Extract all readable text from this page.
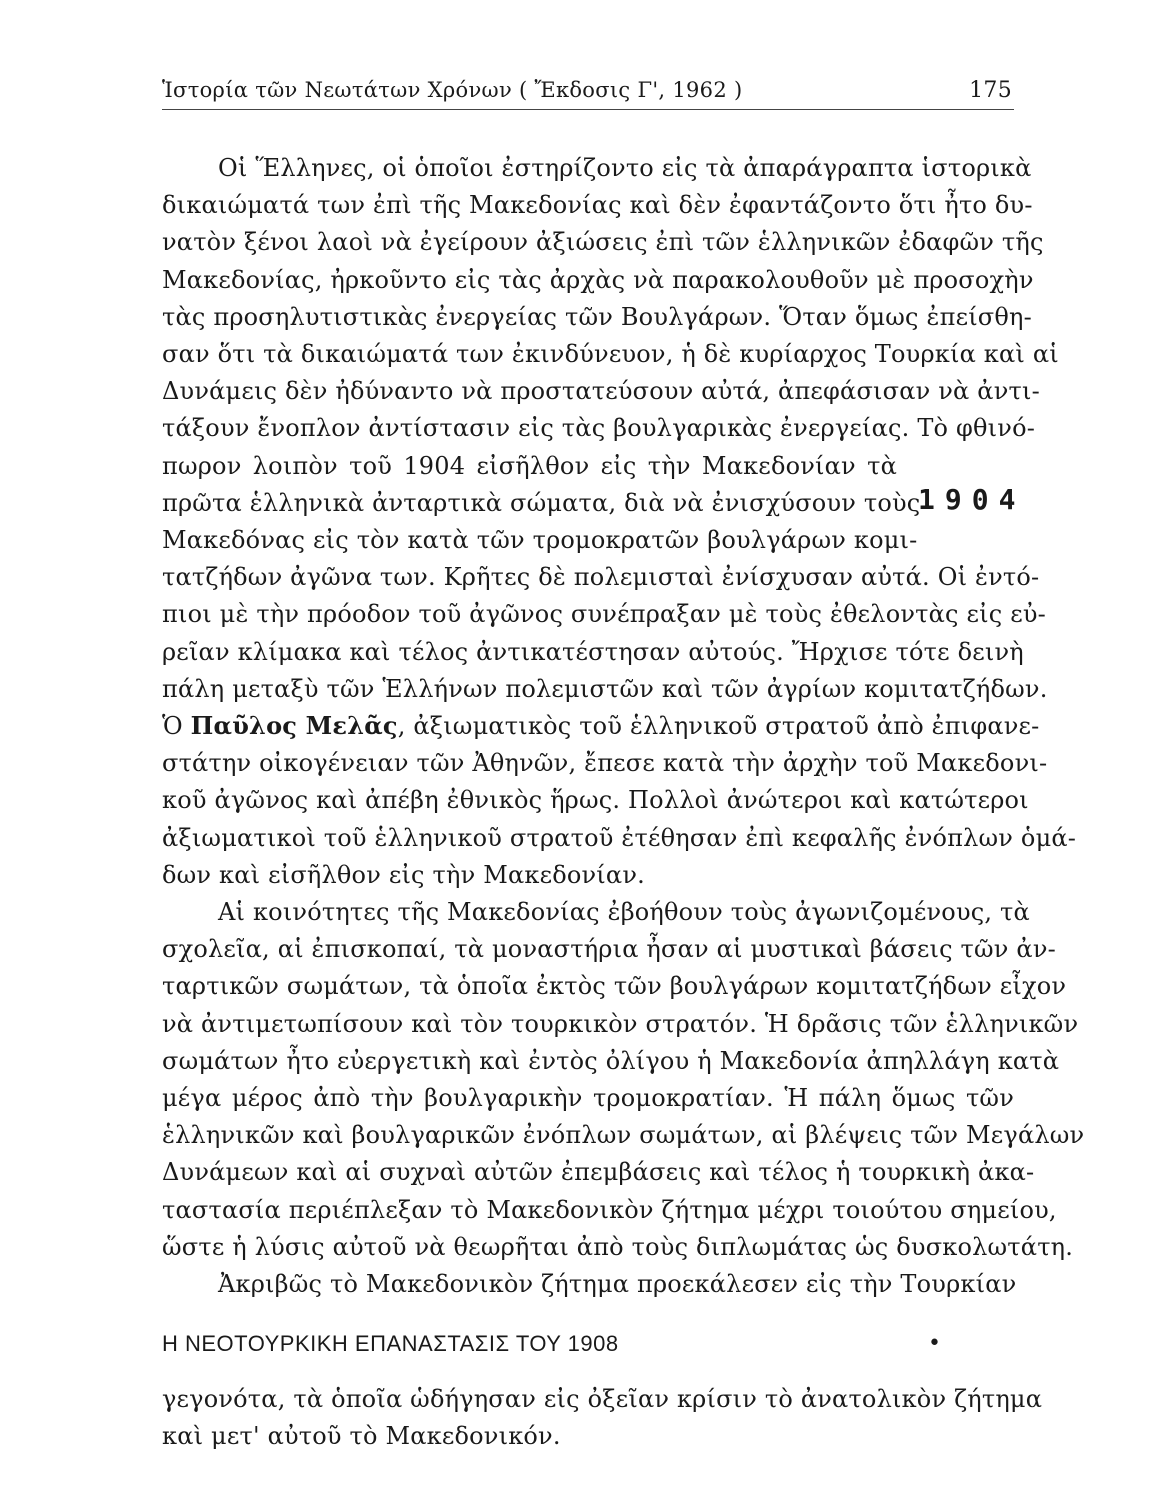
Ἱστορία τῶν Νεωτάτων Χρόνων ( Ἔκδοσις Γ', 1962 )	175
Οἱ Ἕλληνες, οἱ ὁποῖοι ἐστηρίζοντο εἰς τὰ ἀπαράγραπτα ἱστορικὰ
δικαιώματά των ἐπὶ τῆς Μακεδονίας καὶ δὲν ἐφαντάζοντο ὅτι ἦτο δυ-
νατὸν ξένοι λαοὶ νὰ ἐγείρουν ἀξιώσεις ἐπὶ τῶν ἑλληνικῶν ἐδαφῶν τῆς
Μακεδονίας, ἠρκοῦντο εἰς τὰς ἀρχὰς νὰ παρακολουθοῦν μὲ προσοχὴν
τὰς προσηλυτιστικὰς ἐνεργείας τῶν Βουλγάρων. Ὅταν ὅμως ἐπείσθη-
σαν ὅτι τὰ δικαιώματά των ἐκινδύνευον, ἡ δὲ κυρίαρχος Τουρκία καὶ αἱ
Δυνάμεις δὲν ἠδύναντο νὰ προστατεύσουν αὐτά, ἀπεφάσισαν νὰ ἀντι-
τάξουν ἔνοπλον ἀντίστασιν εἰς τὰς βουλγαρικὰς ἐνεργείας. Τὸ φθινό-
πωρον λοιπὸν τοῦ 1904 εἰσῆλθον εἰς τὴν Μακεδονίαν τὰ
πρῶτα ἑλληνικὰ ἀνταρτικὰ σώματα, διὰ νὰ ἐνισχύσουν τοὺς
1904
Μακεδόνας εἰς τὸν κατὰ τῶν τρομοκρατῶν βουλγάρων κομι-
τατζήδων ἀγῶνα των. Κρῆτες δὲ πολεμισταὶ ἐνίσχυσαν αὐτά. Οἱ ἐντό-
πιοι μὲ τὴν πρόοδον τοῦ ἀγῶνος συνέπραξαν μὲ τοὺς ἐθελοντὰς εἰς εὐ-
ρεῖαν κλίμακα καὶ τέλος ἀντικατέστησαν αὐτούς. Ἤρχισε τότε δεινὴ
πάλη μεταξὺ τῶν Ἑλλήνων πολεμιστῶν καὶ τῶν ἀγρίων κομιτατζήδων.
Ὁ Παῦλος Μελᾶς, ἀξιωματικὸς τοῦ ἑλληνικοῦ στρατοῦ ἀπὸ ἐπιφανε-
στάτην οἰκογένειαν τῶν Ἀθηνῶν, ἔπεσε κατὰ τὴν ἀρχὴν τοῦ Μακεδονι-
κοῦ ἀγῶνος καὶ ἀπέβη ἐθνικὸς ἥρως. Πολλοὶ ἀνώτεροι καὶ κατώτεροι
ἀξιωματικοὶ τοῦ ἑλληνικοῦ στρατοῦ ἐτέθησαν ἐπὶ κεφαλῆς ἐνόπλων ὁμά-
δων καὶ εἰσῆλθον εἰς τὴν Μακεδονίαν.
Αἱ κοινότητες τῆς Μακεδονίας ἐβοήθουν τοὺς ἀγωνιζομένους, τὰ
σχολεῖα, αἱ ἐπισκοπαί, τὰ μοναστήρια ἦσαν αἱ μυστικαὶ βάσεις τῶν ἀν-
ταρτικῶν σωμάτων, τὰ ὁποῖα ἐκτὸς τῶν βουλγάρων κομιτατζήδων εἶχον
νὰ ἀντιμετωπίσουν καὶ τὸν τουρκικὸν στρατόν. Ἡ δρᾶσις τῶν ἑλληνικῶν
σωμάτων ἦτο εὐεργετικὴ καὶ ἐντὸς ὀλίγου ἡ Μακεδονία ἀπηλλάγη κατὰ
μέγα μέρος ἀπὸ τὴν βουλγαρικὴν τρομοκρατίαν. Ἡ πάλη ὅμως τῶν
ἑλληνικῶν καὶ βουλγαρικῶν ἐνόπλων σωμάτων, αἱ βλέψεις τῶν Μεγάλων
Δυνάμεων καὶ αἱ συχναὶ αὐτῶν ἐπεμβάσεις καὶ τέλος ἡ τουρκικὴ ἀκα-
ταστασία περιέπλεξαν τὸ Μακεδονικὸν ζήτημα μέχρι τοιούτου σημείου,
ὥστε ἡ λύσις αὐτοῦ νὰ θεωρῆται ἀπὸ τοὺς διπλωμάτας ὡς δυσκολωτάτη.
Η ΝΕΟΤΟΥΡΚΙΚΗ ΕΠΑΝΑΣΤΑΣΙΣ ΤΟΥ 1908	•
Ἀκριβῶς τὸ Μακεδονικὸν ζήτημα προεκάλεσεν εἰς τὴν Τουρκίαν
γεγονότα, τὰ ὁποῖα ὡδήγησαν εἰς ὀξεῖαν κρίσιν τὸ ἀνατολικὸν ζήτημα
καὶ μετ' αὐτοῦ τὸ Μακεδονικόν.
